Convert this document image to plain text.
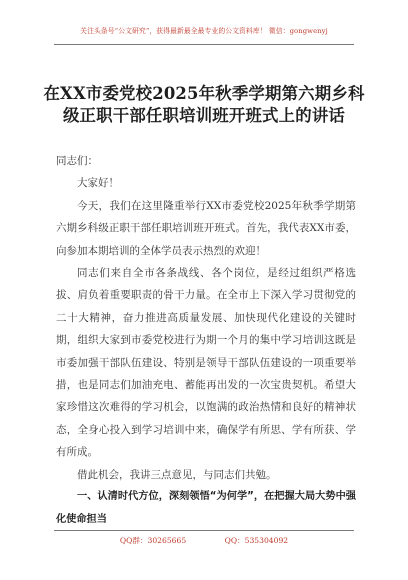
关注头条号“公文研究”，获得最新最全最专业的公文资料库！ 微信：gongwenyj
在XX市委党校2025年秋季学期第六期乡科级正职干部任职培训班开班式上的讲话

同志们：

大家好！

今天，我们在这里隆重举行XX市委党校2025年秋季学期第六期乡科级正职干部任职培训班开班式。首先，我代表XX市委，向参加本期培训的全体学员表示热烈的欢迎！

同志们来自全市各条战线、各个岗位，是经过组织严格选拔、肩负着重要职责的骨干力量。在全市上下深入学习贯彻党的二十大精神，奋力推进高质量发展、加快现代化建设的关键时期，组织大家到市委党校进行为期一个月的集中学习培训这既是市委加强干部队伍建设、特别是领导干部队伍建设的一项重要举措，也是同志们加油充电、蓄能再出发的一次宝贵契机。希望大家珍惜这次难得的学习机会，以饱满的政治热情和良好的精神状态，全身心投入到学习培训中来，确保学有所思、学有所获、学有所成。

借此机会，我讲三点意见，与同志们共勉。

一、认清时代方位，深刻领悟“为何学”，在把握大局大势中强化使命担当

QQ群：30265665	QQ：535304092
